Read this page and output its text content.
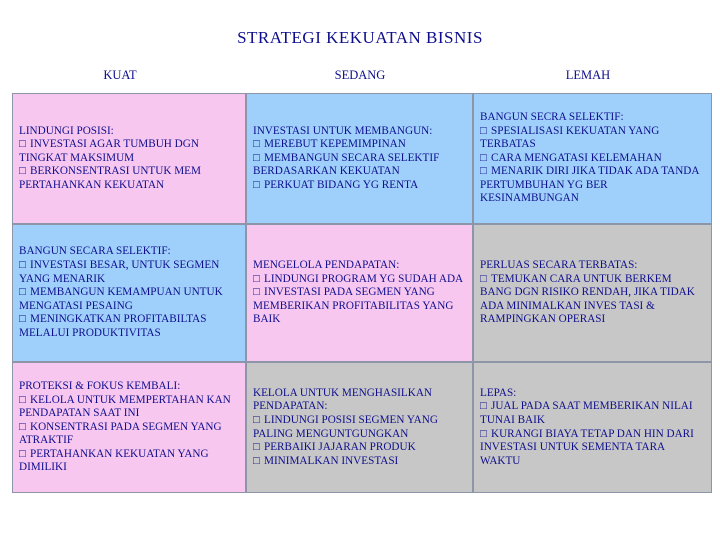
STRATEGI KEKUATAN BISNIS
KUAT	SEDANG	LEMAH
LINDUNGI POSISI:
□ INVESTASI AGAR TUMBUH DGN TINGKAT MAKSIMUM
□ BERKONSENTRASI UNTUK MEM PERTAHANKAN KEKUATAN
INVESTASI UNTUK MEMBANGUN:
□ MEREBUT KEPEMIMPINAN
□ MEMBANGUN SECARA SELEKTIF BERDASARKAN KEKUATAN
□ PERKUAT BIDANG YG RENTA
BANGUN SECRA SELEKTIF:
□ SPESIALISASI KEKUATAN YANG TERBATAS
□ CARA MENGATASI KELEMAHAN
□ MENARIK DIRI JIKA TIDAK ADA TANDA PERTUMBUHAN YG BER KESINAMBUNGAN
BANGUN SECARA SELEKTIF:
□ INVESTASI BESAR, UNTUK SEGMEN YANG MENARIK
□ MEMBANGUN KEMAMPUAN UNTUK MENGATASI PESAING
□ MENINGKATKAN PROFITABILTAS MELALUI PRODUKTIVITAS
MENGELOLA PENDAPATAN:
□ LINDUNGI PROGRAM YG SUDAH ADA
□ INVESTASI PADA SEGMEN YANG MEMBERIKAN PROFITABILITAS YANG BAIK
PERLUAS SECARA TERBATAS:
□ TEMUKAN CARA UNTUK BERKEM BANG DGN RISIKO RENDAH, JIKA TIDAK ADA MINIMALKAN INVES TASI & RAMPINGKAN OPERASI
PROTEKSI & FOKUS KEMBALI:
□ KELOLA UNTUK MEMPERTAHAN KAN PENDAPATAN SAAT INI
□ KONSENTRASI PADA SEGMEN YANG ATRAKTIF
□ PERTAHANKAN KEKUATAN YANG DIMILIKI
KELOLA UNTUK MENGHASILKAN PENDAPATAN:
□ LINDUNGI POSISI SEGMEN YANG PALING MENGUNTGUNGKAN
□ PERBAIKI JAJARAN PRODUK
□ MINIMALKAN INVESTASI
LEPAS:
□ JUAL PADA SAAT MEMBERIKAN NILAI TUNAI BAIK
□ KURANGI BIAYA TETAP DAN HIN DARI INVESTASI UNTUK SEMENTA TARA WAKTU
